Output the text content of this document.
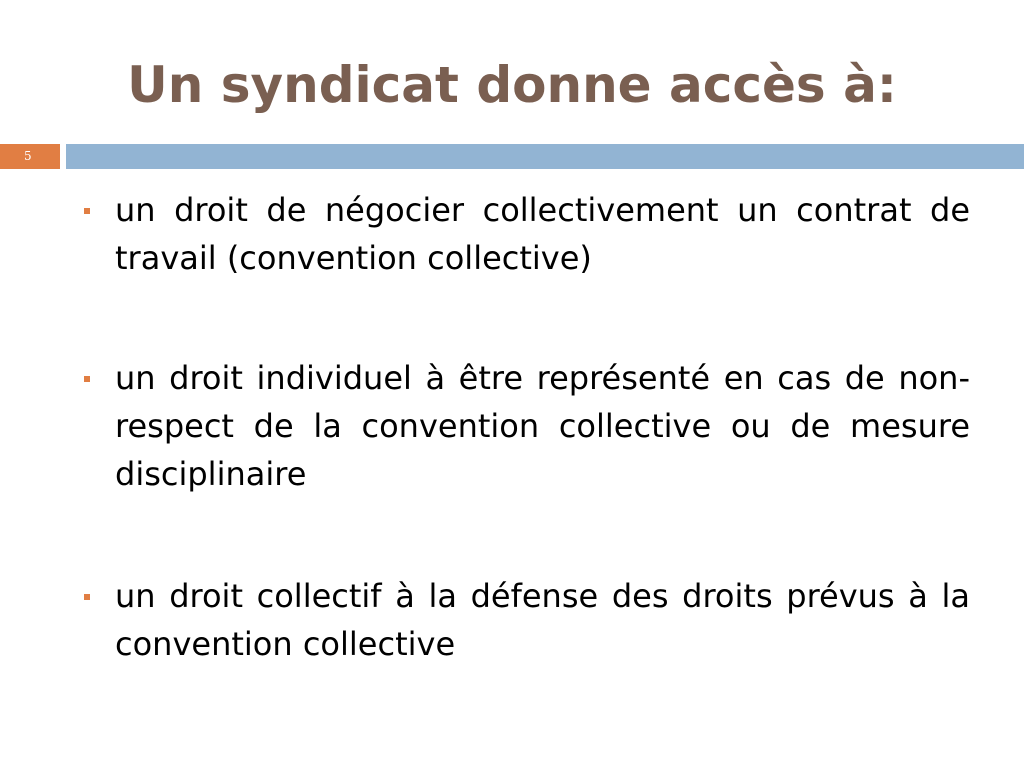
Un syndicat donne accès à:
5

un droit de négocier collectivement un contrat de travail (convention collective)

un droit individuel à être représenté en cas de non-respect de la convention collective ou de mesure disciplinaire

un droit collectif à la défense des droits prévus à la convention collective
